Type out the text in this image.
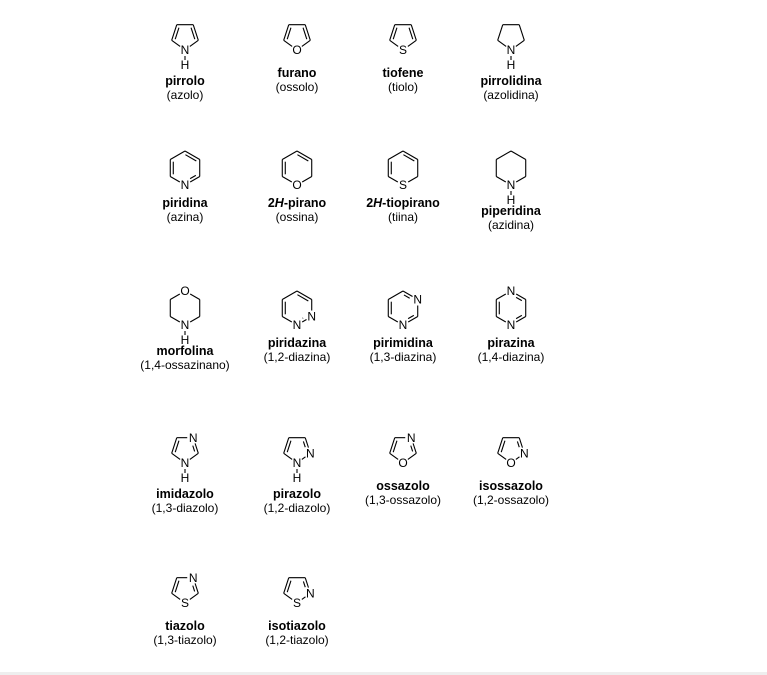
N
H
pirrolo
(azolo)
O
furano
(ossolo)
S
tiofene
(tiolo)
N
H
pirrolidina
(azolidina)
N
piridina
(azina)
O
2H-pirano
(ossina)
S
2H-tiopirano
(tiina)
N
H
piperidina
(azidina)
O
N
H
morfolina
(1,4-ossazinano)
N
N
piridazina
(1,2-diazina)
N
N
pirimidina
(1,3-diazina)
N
N
pirazina
(1,4-diazina)
N
N
H
imidazolo
(1,3-diazolo)
N
N
H
pirazolo
(1,2-diazolo)
O
N
ossazolo
(1,3-ossazolo)
O
N
isossazolo
(1,2-ossazolo)
S
N
tiazolo
(1,3-tiazolo)
S
N
isotiazolo
(1,2-tiazolo)
